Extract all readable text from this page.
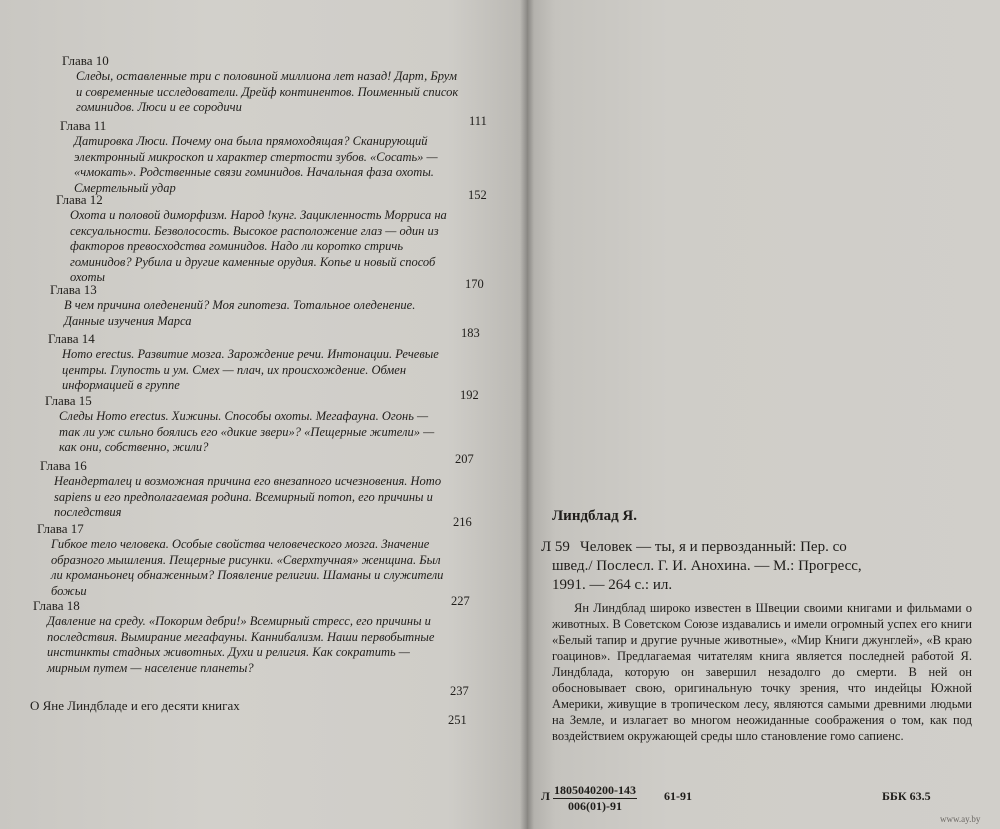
Глава 10
Следы, оставленные три с половиной миллиона лет назад! Дарт, Брум и современные исследователи. Дрейф континентов. Поименный список гоминидов. Люси и ее сородичи
111
Глава 11
Датировка Люси. Почему она была прямоходящая? Сканирующий электронный микроскоп и характер стертости зубов. «Сосать» — «чмокать». Родственные связи гоминидов. Начальная фаза охоты. Смертельный удар
152
Глава 12
Охота и половой диморфизм. Народ !кунг. Зацикленность Морриса на сексуальности. Безволосость. Высокое расположение глаз — один из факторов превосходства гоминидов. Надо ли коротко стричь гоминидов? Рубила и другие каменные орудия. Копье и новый способ охоты	170
Глава 13
В чем причина оледенений? Моя гипотеза. Тотальное оледенение. Данные изучения Марса
183
Глава 14
Homo erectus. Развитие мозга. Зарождение речи. Интонации. Речевые центры. Глупость и ум. Смех — плач, их происхождение. Обмен информацией в группе
192
Глава 15
Следы Homo erectus. Хижины. Способы охоты. Мегафауна. Огонь — так ли уж сильно боялись его «дикие звери»? «Пещерные жители» — как они, собственно, жили?
207
Глава 16
Неандерталец и возможная причина его внезапного исчезновения. Homo sapiens и его предполагаемая родина. Всемирный потоп, его причины и последствия
216
Глава 17
Гибкое тело человека. Особые свойства человеческого мозга. Значение образного мышления. Пещерные рисунки. «Сверхтучная» женщина. Был ли кроманьонец обнаженным? Появление религии. Шаманы и служители божьи
227
Глава 18
Давление на среду. «Покорим дебри!» Всемирный стресс, его причины и последствия. Вымирание мегафауны. Каннибализм. Наши первобытные инстинкты стадных животных. Духи и религия. Как сократить — мирным путем — население планеты?
237
О Яне Линдбладе и его десяти книгах
251
Линдблад Я.
Л 59 Человек — ты, я и первозданный: Пер. со
швед./ Послесл. Г. И. Анохина. — М.: Прогресс,
1991. — 264 с.: ил.
Ян Линдблад широко известен в Швеции своими книгами и фильмами о животных. В Советском Союзе издавались и имели огромный успех его книги «Белый тапир и другие ручные животные», «Мир Книги джунглей», «В краю гоацинов». Предлагаемая читателям книга является последней работой Я. Линдблада, которую он завершил незадолго до смерти. В ней он обосновывает свою, оригинальную точку зрения, что индейцы Южной Америки, живущие в тропическом лесу, являются самыми древними людьми на Земле, и излагает во многом неожиданные соображения о том, как под воздействием окружающей среды шло становление гомо сапиенс.
Л $\frac{1805040200-143}{006(01)-91} 61-91$	ББК 63.5
www.ay.by
